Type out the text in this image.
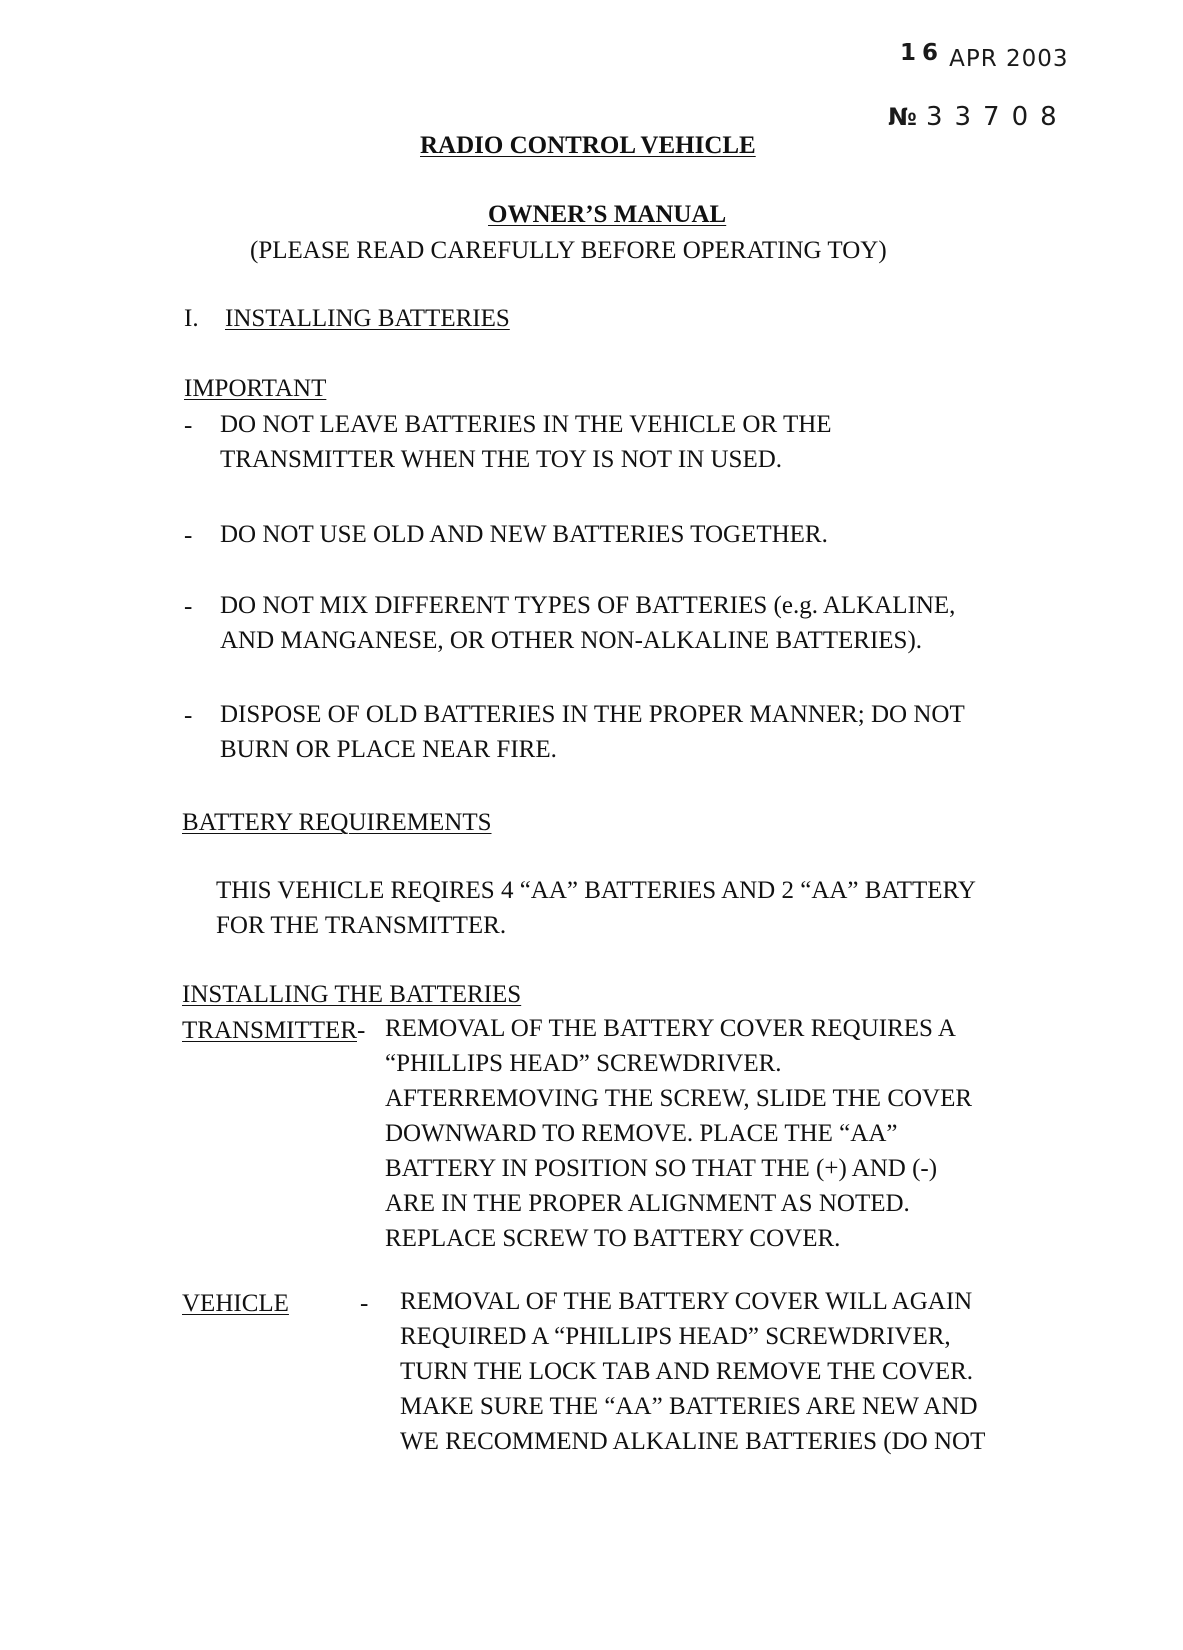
16 APR 2003
№ 33708
RADIO CONTROL VEHICLE
OWNER’S MANUAL
(PLEASE READ CAREFULLY BEFORE OPERATING TOY)
I. INSTALLING BATTERIES
IMPORTANT
- DO NOT LEAVE BATTERIES IN THE VEHICLE OR THE
TRANSMITTER WHEN THE TOY IS NOT IN USED.
- DO NOT USE OLD AND NEW BATTERIES TOGETHER.
- DO NOT MIX DIFFERENT TYPES OF BATTERIES (e.g. ALKALINE,
AND MANGANESE, OR OTHER NON-ALKALINE BATTERIES).
- DISPOSE OF OLD BATTERIES IN THE PROPER MANNER; DO NOT
BURN OR PLACE NEAR FIRE.
BATTERY REQUIREMENTS
THIS VEHICLE REQIRES 4 “AA” BATTERIES AND 2 “AA” BATTERY
FOR THE TRANSMITTER.
INSTALLING THE BATTERIES
TRANSMITTER- REMOVAL OF THE BATTERY COVER REQUIRES A
“PHILLIPS HEAD” SCREWDRIVER.
AFTERREMOVING THE SCREW, SLIDE THE COVER
DOWNWARD TO REMOVE. PLACE THE “AA”
BATTERY IN POSITION SO THAT THE (+) AND (-)
ARE IN THE PROPER ALIGNMENT AS NOTED.
REPLACE SCREW TO BATTERY COVER.
VEHICLE	- REMOVAL OF THE BATTERY COVER WILL AGAIN
REQUIRED A “PHILLIPS HEAD” SCREWDRIVER,
TURN THE LOCK TAB AND REMOVE THE COVER.
MAKE SURE THE “AA” BATTERIES ARE NEW AND
WE RECOMMEND ALKALINE BATTERIES (DO NOT
